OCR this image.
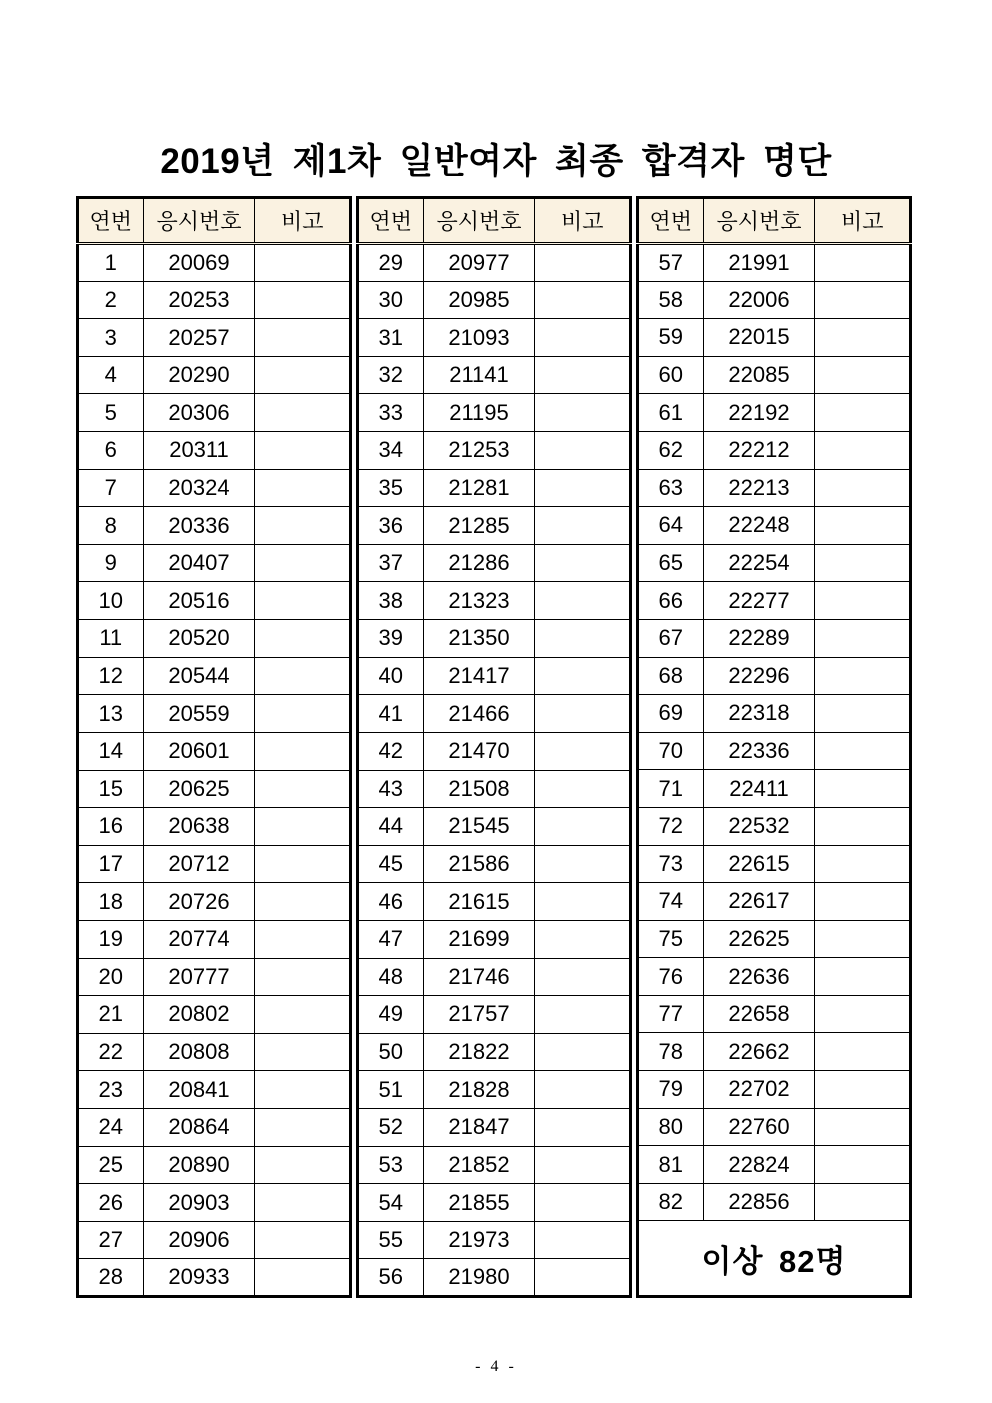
2019년 제1차 일반여자 최종 합격자 명단
연번	응시번호	비고
1	20069	
2	20253	
3	20257	
4	20290	
5	20306	
6	20311	
7	20324	
8	20336	
9	20407	
10	20516	
11	20520	
12	20544	
13	20559	
14	20601	
15	20625	
16	20638	
17	20712	
18	20726	
19	20774	
20	20777	
21	20802	
22	20808	
23	20841	
24	20864	
25	20890	
26	20903	
27	20906	
28	20933	
연번	응시번호	비고
29	20977	
30	20985	
31	21093	
32	21141	
33	21195	
34	21253	
35	21281	
36	21285	
37	21286	
38	21323	
39	21350	
40	21417	
41	21466	
42	21470	
43	21508	
44	21545	
45	21586	
46	21615	
47	21699	
48	21746	
49	21757	
50	21822	
51	21828	
52	21847	
53	21852	
54	21855	
55	21973	
56	21980	
연번	응시번호	비고
57	21991	
58	22006	
59	22015	
60	22085	
61	22192	
62	22212	
63	22213	
64	22248	
65	22254	
66	22277	
67	22289	
68	22296	
69	22318	
70	22336	
71	22411	
72	22532	
73	22615	
74	22617	
75	22625	
76	22636	
77	22658	
78	22662	
79	22702	
80	22760	
81	22824	
82	22856	
이상 82명		
- 4 -
